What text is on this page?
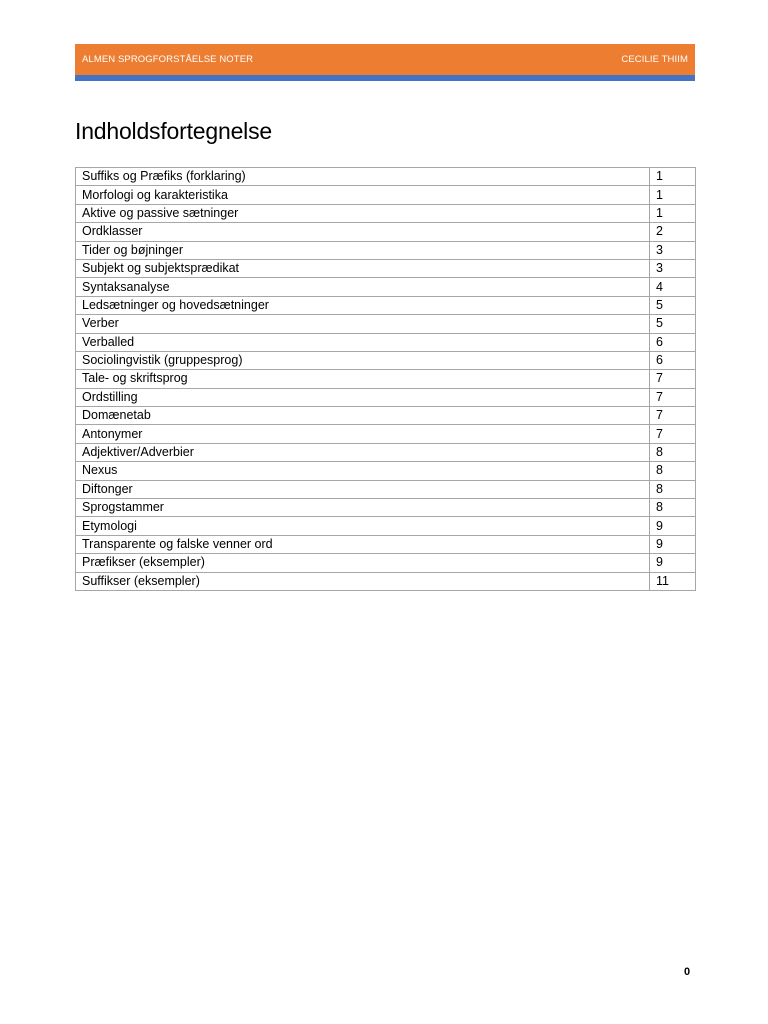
ALMEN SPROGFORSTÅELSE NOTER	CECILIE THIIM
Indholdsfortegnelse
Suffiks og Præfiks (forklaring)	1
Morfologi og karakteristika	1
Aktive og passive sætninger	1
Ordklasser	2
Tider og bøjninger	3
Subjekt og subjektsprædikat	3
Syntaksanalyse	4
Ledsætninger og hovedsætninger	5
Verber	5
Verballed	6
Sociolingvistik (gruppesprog)	6
Tale- og skriftsprog	7
Ordstilling	7
Domænetab	7
Antonymer	7
Adjektiver/Adverbier	8
Nexus	8
Diftonger	8
Sprogstammer	8
Etymologi	9
Transparente og falske venner ord	9
Præfikser (eksempler)	9
Suffikser (eksempler)	11
0
